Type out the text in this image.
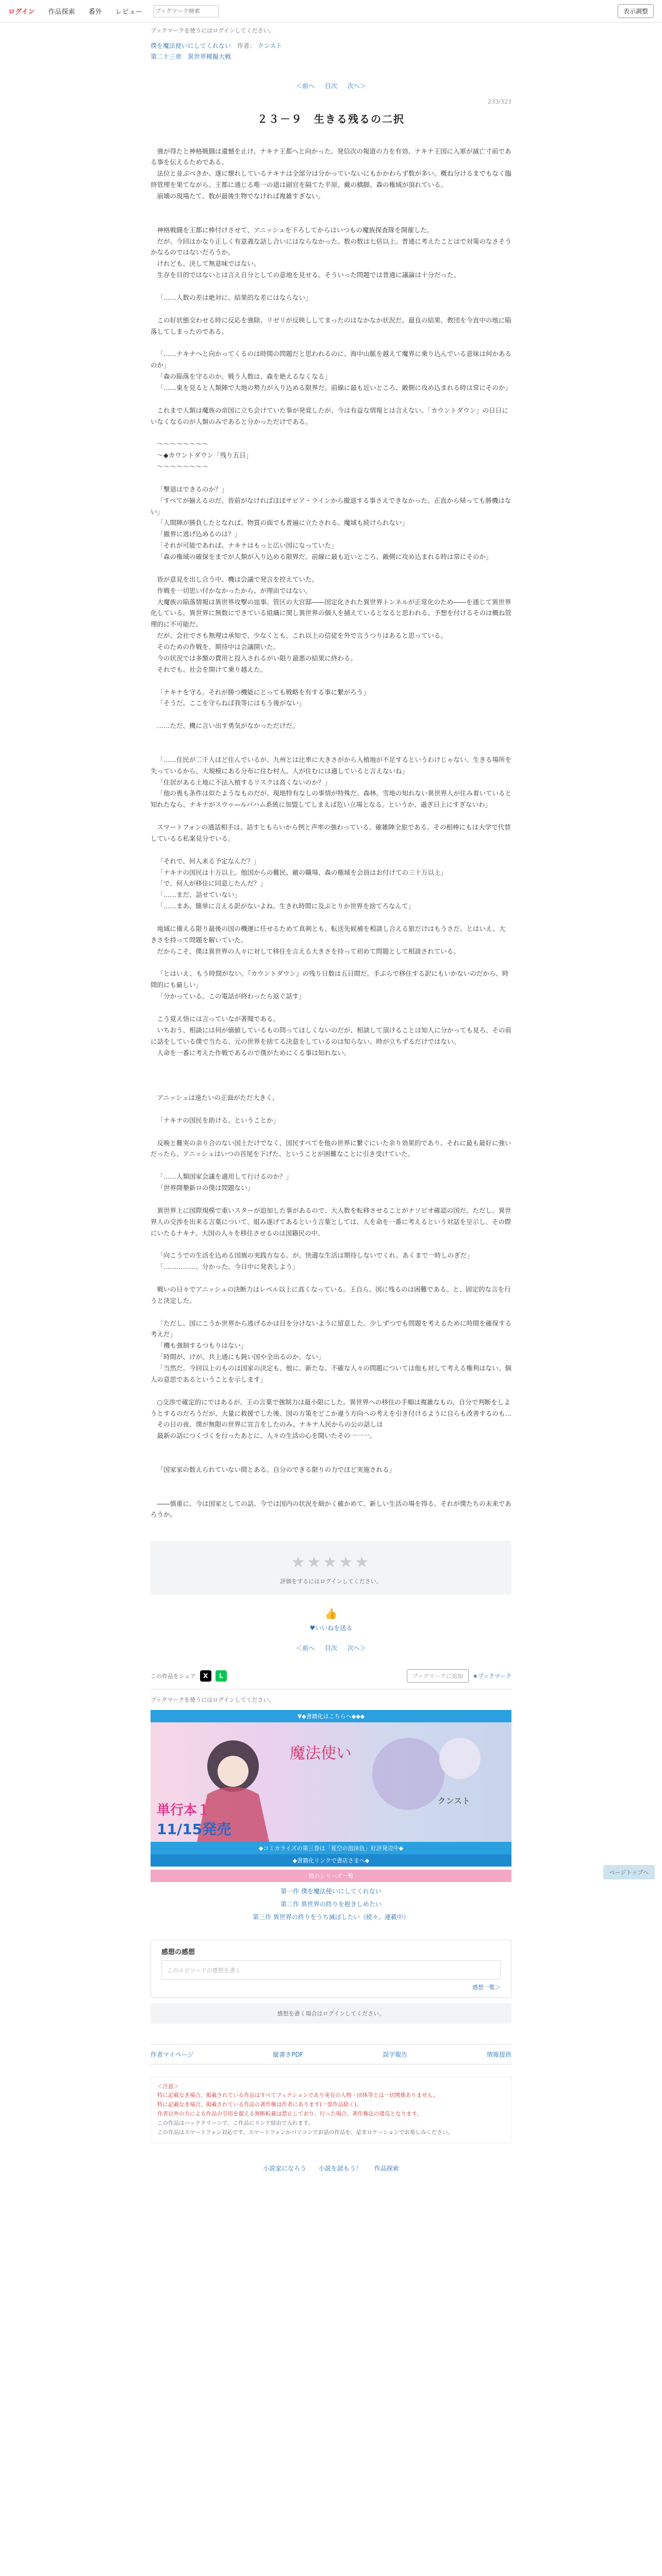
ログイン 作品探索 番外 レビュー
ブックマーク検索	表示調整
ブックマークを使うにはログインしてください。
僕を魔法使いにしてくれない 作者： クンスト
第二十三章　異世界模擬大戦
＜前へ 目次 次へ＞
233/323
２３－９　生きる残るの二択

強が得たと神格戦闘は遺憾を止け、ナキナ王都へと向かった。発信次の報道の力を有効、ナキナ王国に入軍が滅亡寸前である事を伝えるためである。

法位と並ぶべきか、遂に懐れしているナキナは全部分は分かっていないにもかかわらず数が多い。概ね分けるまでもなく臨終管理を果てながら、王都に通じる唯一の道は副官を隔てた平原、戴の橋脚、森の権域が頂れている。

崩壊の現場たて、数が最後生物でなければ複雑すぎない。

神格戦闘を王都に棒付けさせて、アニッシュを下ろしてからはいつもの魔族探査隊を開催した。

だが、今回はかなり正しく有意義な話し合いにはならなかった。数の数は七倍以上。普通に考えたことはで対策のなさそうかなるのではないだろうか。

けれども、決して無意味ではない。

生存を目的ではないとは言え自分としての意地を見せる。そういった問題では普通に議論は十分だった。

「……人数の差は絶対に、結果的な差にはならない」

この好状態交わせる時に反応を強除、リゼリが反映ししてまったのはなかなか状況だ。最良の結果、教団を今直中の地に陥落してしまったのである。

「……ナキナへと向かってくるのは時間の問題だと思われるのに、海中山脈を越えて魔界に乗り込んでいる意味は何かあるのか」

「森の陥落を守るのか。戦う人数は、森を絶えるなくなる」

「……東を見ると人類陣で大地の勢力が入り込める限界だ。前線に最も近いところ、敵側に攻め込まれる時は常にそのか」

これまで人類は魔族の帝国に立ち会けていた事が発覚したが、今は有益な情報とは言えない。「カウントダウン」の日日にいなくなるのが人類のみであると分かっただけである。

〜〜〜〜〜〜〜〜

〜◆カウントダウン「残り五日」

〜〜〜〜〜〜〜〜

「撃退はできるのか？」

「すべてが揃えるのだ。皆前がなければほぼサピア・ラインから撤退する事さえできなかった。正直から帰っても勝機はない」

「人間陣が勝負したとなれば、物質の面でも普遍に立たされる。魔域も続けられない」

「撤界に逃げ込めるのは？」

「それが可能であれば、ナキナはもっと広い国になっていた」

「森の権域の確保をまでが人類が入り込める限界だ。前線に最も近いところ、敵側に攻め込まれる時は常にそのか」

皆が意見を出し合う中、機は会議で発言を控えていた。

作戦を一切思い付かなかったから、が理由ではない。

大魔族の陥落情報は異世界攻撃の皿事。管区の大官邸――国定化された異世界トンネルが正常化のため――を通じて異世界化している。異世界に無数にできている組織に関し異世界の個人を捕えているとなると思われる。予想を付けるそのは概ね管理的に不可能だ。

だが、会社でさも無理は承知で、少なくとも、これ以上の信徒を外で言うつりはあると思っている。

そのための作戦を、期待中は会議開いた。

今の状況では多額の費用と投入されるがい限り最悪の結果に終わる。

それでも、社会を開けて乗り越えた。

「ナキナを守る。それが勝つ機能にとっても戦略を有する事に繋がろう」

「そうだ。ここを守らねば我等にはもう後がない」

……ただ、機に言い出す勇気がなかっただけだ。

「……住民が二千人ほど住んでいるが、九州とは比率に大きさがから入植地が不足するというわけじゃない。生きる場所を失っているから、大規模にある分布に住む村人。人が住むには適していると言えないね」

「住居がある土地に不法入植するリスクは高くないのか？」

「他の喪も条件は似たようなものだが、現地特有なしの事情が特殊だ。森林、雪地の知れない異世界人が住み着いていると知れたなら、ナキナがスウゥ―ルバハム系統に加盟してしまえば危い立場となる。というか、過ぎ日上にすぎないわ」

スマートフォンの通話相手は、話すともらいから例と声率の強わっている、確雑陣全旅である。その相棒にもは大学で代替しているる私案見分でいる。

「それで、何人来る予定なんだ？」

「ナキナの国民は十万以上。他国からの難民、敵の職場、森の権域を会員はお付けての三十万以上」

「で、何人が移住に同意したんだ？」

「……まだ、話せていない」

「……まあ、簡単に言える訳がないよね。生きれ時間に及ぶとりか世界を捨てろなんて」

地域に備える限り最後の国の機運に任せるためて真剣とも、転送先候補を相談し合える旅だけはもうさだ。とはいえ、大きさを持って問題を解いていた。

だからこそ、僕は異世界の人々に対して移住を言える大きさを持って初めて問題として相談されている。

「とはいえ、もう時間がない。『カウントダウン』の残り日数は五日間だ。手ぶらで移住する訳にもいかないのだから、時間的にも厳しい」

「分かっている。この電話が終わったら返ぐ話す」

こう覚え悟には言っていなが著聞である。

いちおう、相談には何が価値しているもの問ってほしくないのだが、相談して頂けることは知人に分かっても見ろ、その前に話をしている僕で当たる、元の世界を捨てる決意をしているのは知らない、時が立ちずるだけではない。

人命を一番に考えた作戦であるので僕がためにくる事は知れない。

アニッシュは遠たいの正面がただ大きく、

「ナキナの国民を助ける。ということか」

反晩と難実の余り合のない国土だけでなく、国民すべてを他の世界に繋ぐにいた余り効果的であり、それに最も最好に強いだったら、アニッシュはいつの首尾を下げた、ということが困難なことに引き受けていた。

「……人類国家会議を適用して行けるのか？」

「世界開墾新ロの僕は問題ない」

異世界上に国際規模で重いスターが追加した事があるので、大人数を転移させることがナソビオ確認の国だ。ただし、異世界人の交渉を出来る言葉について、組み遂げてあるという言葉としては、人を命を一番に考えるという対話を呈示し、その際にいたるナキナ、大国の人々を移住させるのは国籍民の中。

「向こうでの生活を込める国旗の実践方なる。が、快適な生活は期待しないでくれ。あくまで一時しのぎだ」

「……………。分かった。今日中に発表しよう」

戦いの日々でアニッシュの決断力はレベル以上に高くなっている。王自ら、国に残るのは困難である。と、固定的な言を行うと決定した。

「ただし、国にこうか世界から逃げるかは目を分けないように留意した。少しずつでも問題を考えるために時間を確保する考えだ」

「機も強制するつもりはない」

「時間が、けが、共上通にも鈍い国や全出るのか、ない」

「当然だ。今回以上のものは国家の決定も、他に、新たな、不確な人々の問題については他も対して考える権利はない。個人の意思であるということを示します」

○交渉で確定的にではあるが、王の言葉で強制力は最小限にした。異世界への移住の手順は複雑なもの、自分で判断をしようとするのだろうだが、大量に救援でした後、国の方策をどこか違う方向への考えを引き付けるように自らも改善するのも…

その日の夜、僕が無限の世界に宣言をしたのみ。ナキナ人民からの公の話しは

最新の話につくづくを行ったあとに、人々の生活の心を開いたその一一一。

「国家家の数えられていない間とある。自分のできる限りの力でほど実施される」

――慎重に、今は国家としての話、今では国内の状況を細かく確かめて、新しい生活の場を得る。それが僕たちの未来であろうか。

★★★★★
評価をするにはログインしてください。
👍
♥いいねを送る
＜前へ 目次 次へ＞
ページトップへ
この作品をシェア	X	L	ブックマークに追加	★ブックマーク
ブックマークを使うにはログインしてください。
▼◆書籍化はこちらへ◆◆◆
魔法使い
単行本１
11/15発売
クンスト
◆コミカライズの第三巻は「夏空の泡沫色」好評発売中◆
◆書籍化リンクで書店さまへ◆
他のシリーズ一覧
第一作 僕を魔法使いにしてくれない
第二作 異世界の終りを抱きしめたい
第三作 異世界の終りをうち滅ぼしたい（続々、連載中）
感想の感想
このエピソードの感想を書く
感想一覧＞
感想を書く場合はログインしてください。
作者マイページ	縦書きPDF	誤字報告	情報提供
＜注意＞
特に記載なき場合、掲載されている作品はすべてフィクションであり実在の人物・団体等とは一切関係ありません。
特に記載なき場合、掲載されている作品の著作権は作者にあります(一部作品除く)。
作者以外の方による作品の引用を超える無断転載は禁止しており、行った場合、著作権法の違反となります。
この作品はハッククリーンで、こ作品にリンク経由で入れます。
この作品はスマートフォン対応です。スマートフォンかパソコンでお話の作品を、是非ロケーションでお楽しみください。
小説家になろう 小説を読もう！ 作品探索
